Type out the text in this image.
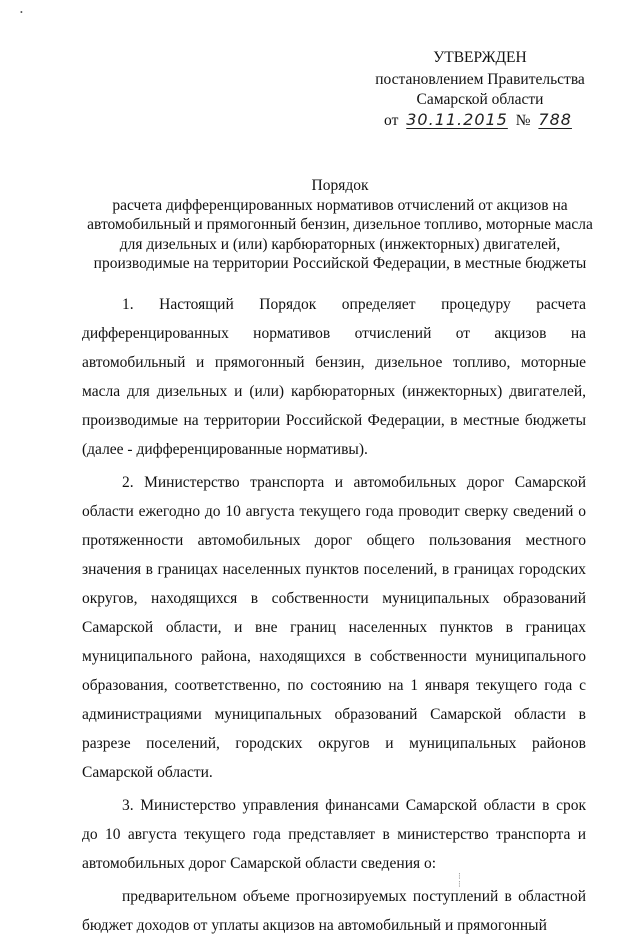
•
УТВЕРЖДЕН
постановлением Правительства
Самарской области
от 30.11.2015 № 788
Порядок
расчета дифференцированных нормативов отчислений от акцизов на
автомобильный и прямогонный бензин, дизельное топливо, моторные масла
для дизельных и (или) карбюраторных (инжекторных) двигателей,
производимые на территории Российской Федерации, в местные бюджеты

1. Настоящий Порядок определяет процедуру расчета дифференцированных нормативов отчислений от акцизов на автомобильный и прямогонный бензин, дизельное топливо, моторные масла для дизельных и (или) карбюраторных (инжекторных) двигателей, производимые на территории Российской Федерации, в местные бюджеты (далее - дифференцированные нормативы).

2. Министерство транспорта и автомобильных дорог Самарской области ежегодно до 10 августа текущего года проводит сверку сведений о протяженности автомобильных дорог общего пользования местного значения в границах населенных пунктов поселений, в границах городских округов, находящихся в собственности муниципальных образований Самарской области, и вне границ населенных пунктов в границах муниципального района, находящихся в собственности муниципального образования, соответственно, по состоянию на 1 января текущего года с администрациями муниципальных образований Самарской области в разрезе поселений, городских округов и муниципальных районов Самарской области.

3. Министерство управления финансами Самарской области в срок до 10 августа текущего года представляет в министерство транспорта и автомобильных дорог Самарской области сведения о:

предварительном объеме прогнозируемых поступлений в областной бюджет доходов от уплаты акцизов на автомобильный и прямогонный

⁝
⁝
